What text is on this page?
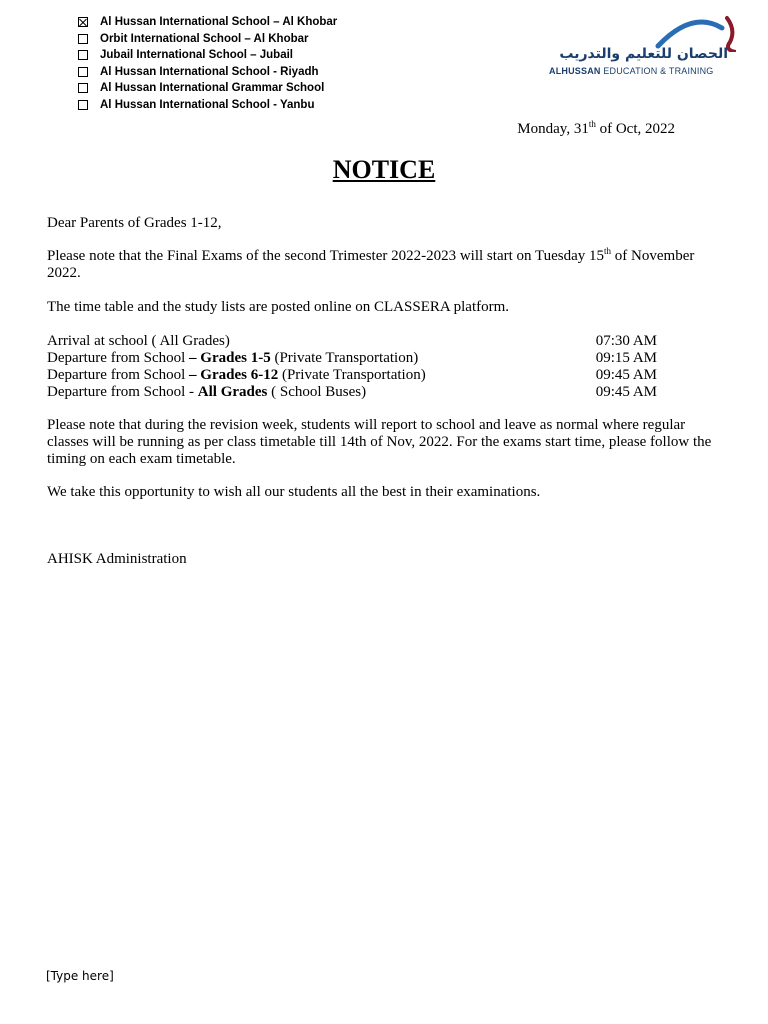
Al Hussan International School – Al Khobar
Orbit International School – Al Khobar
Jubail International School – Jubail
Al Hussan International School - Riyadh
Al Hussan International Grammar School
Al Hussan International School - Yanbu
الحصان للتعليم والتدريب
ALHUSSAN EDUCATION & TRAINING
Monday, 31th of Oct, 2022
NOTICE
Dear Parents of Grades 1-12,
Please note that the Final Exams of the second Trimester 2022-2023 will start on Tuesday 15th of November 2022.
The time table and the study lists are posted online on CLASSERA platform.
Arrival at school ( All Grades)	07:30 AM
Departure from School – Grades 1-5 (Private Transportation)	09:15 AM
Departure from School – Grades 6-12 (Private Transportation)	09:45 AM
Departure from School - All Grades ( School Buses)	09:45 AM
Please note that during the revision week, students will report to school and leave as normal where regular classes will be running as per class timetable till 14th of Nov, 2022. For the exams start time, please follow the timing on each exam timetable.
We take this opportunity to wish all our students all the best in their examinations.
AHISK Administration
[Type here]
